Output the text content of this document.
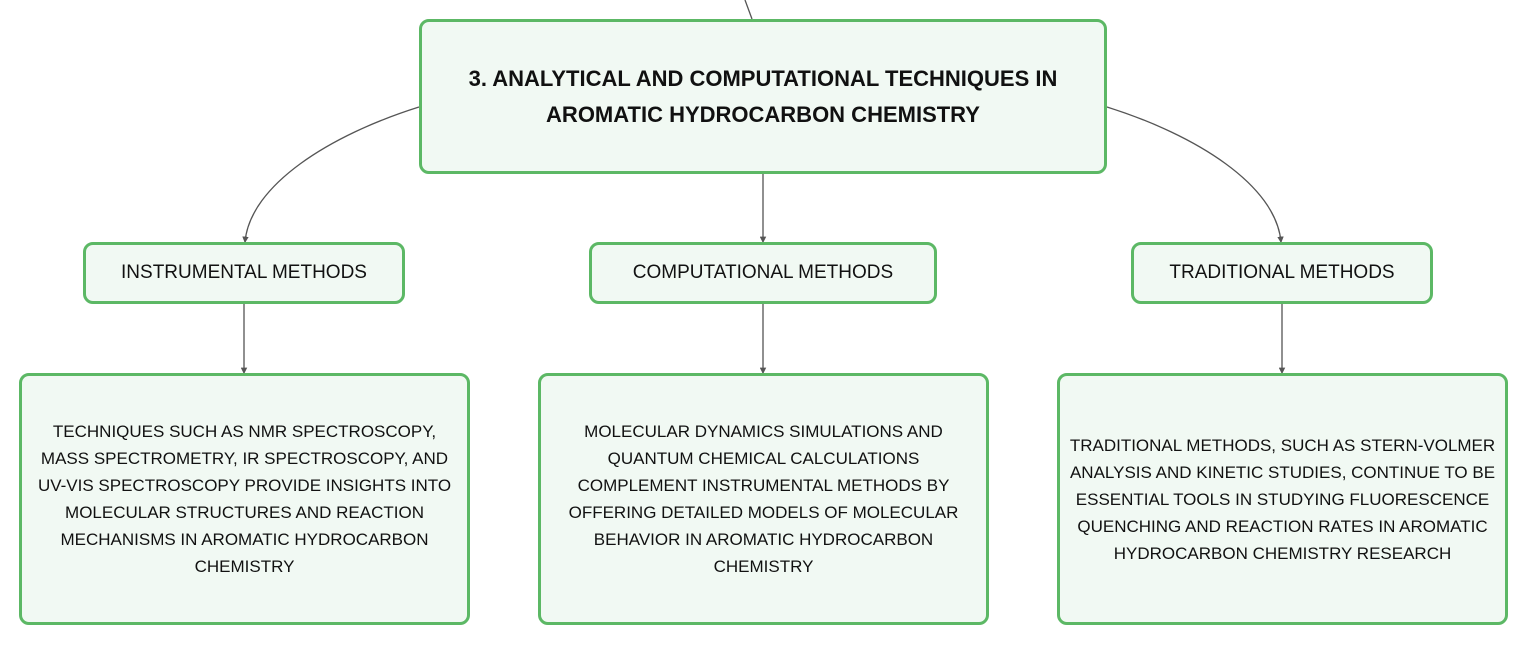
3. ANALYTICAL AND COMPUTATIONAL TECHNIQUES IN AROMATIC HYDROCARBON CHEMISTRY
INSTRUMENTAL METHODS	COMPUTATIONAL METHODS	TRADITIONAL METHODS
TECHNIQUES SUCH AS NMR SPECTROSCOPY, MASS SPECTROMETRY, IR SPECTROSCOPY, AND UV-VIS SPECTROSCOPY PROVIDE INSIGHTS INTO MOLECULAR STRUCTURES AND REACTION MECHANISMS IN AROMATIC HYDROCARBON CHEMISTRY
MOLECULAR DYNAMICS SIMULATIONS AND QUANTUM CHEMICAL CALCULATIONS COMPLEMENT INSTRUMENTAL METHODS BY OFFERING DETAILED MODELS OF MOLECULAR BEHAVIOR IN AROMATIC HYDROCARBON CHEMISTRY
TRADITIONAL METHODS, SUCH AS STERN-VOLMER ANALYSIS AND KINETIC STUDIES, CONTINUE TO BE ESSENTIAL TOOLS IN STUDYING FLUORESCENCE QUENCHING AND REACTION RATES IN AROMATIC HYDROCARBON CHEMISTRY RESEARCH
